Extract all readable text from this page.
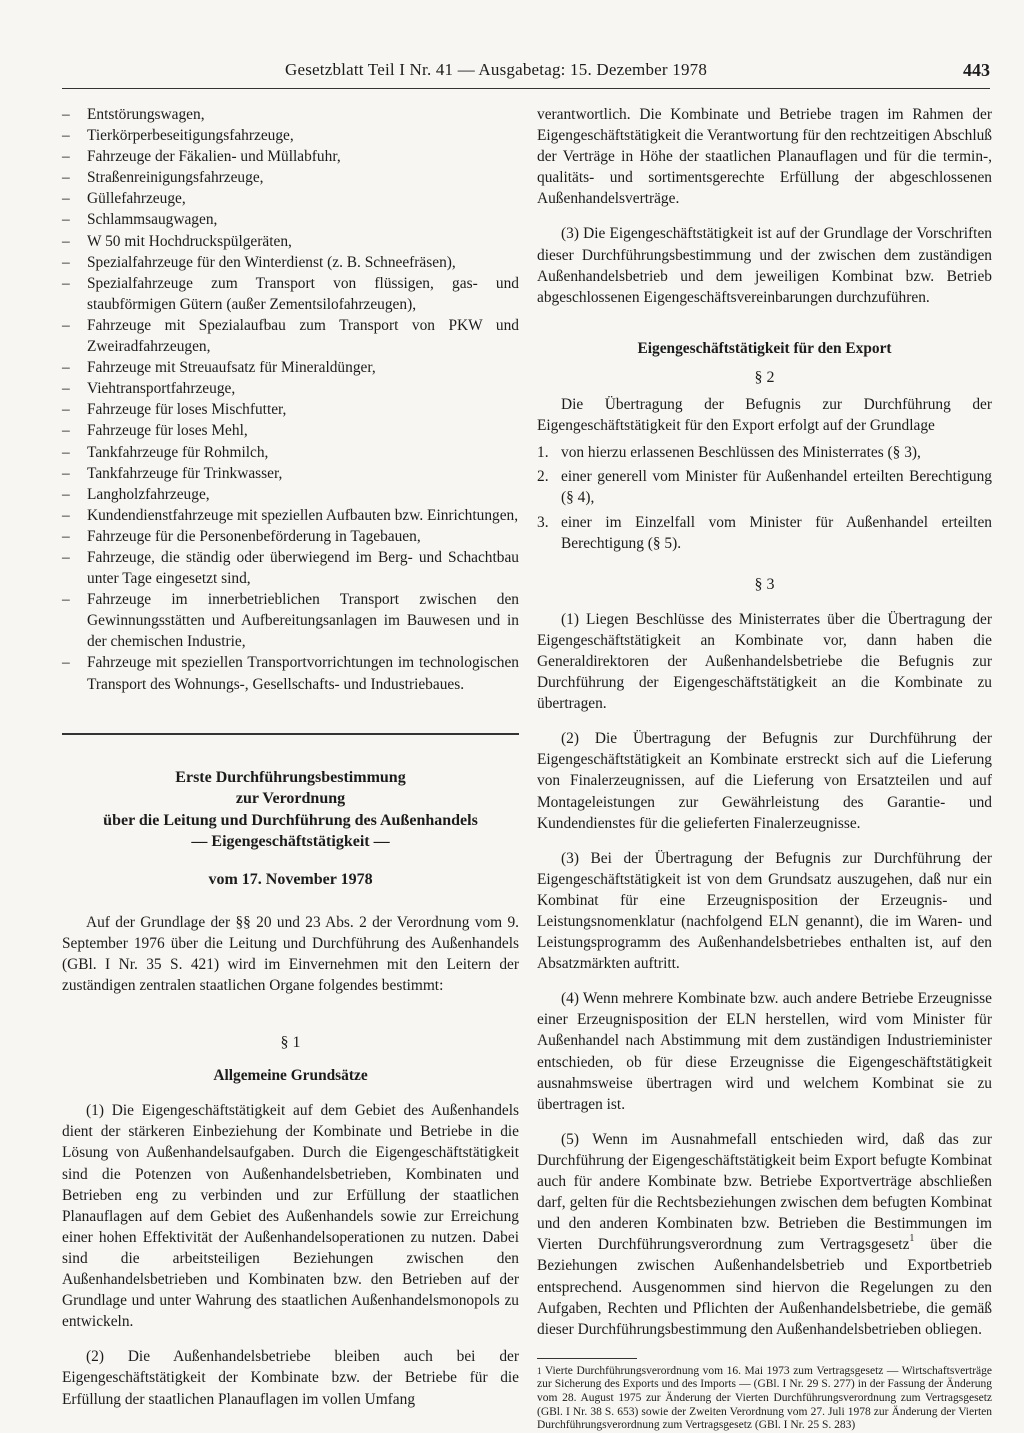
Gesetzblatt Teil I Nr. 41 — Ausgabetag: 15. Dezember 1978	443
– Entstörungswagen,
– Tierkörperbeseitigungsfahrzeuge,
– Fahrzeuge der Fäkalien- und Müllabfuhr,
– Straßenreinigungsfahrzeuge,
– Güllefahrzeuge,
– Schlammsaugwagen,
– W 50 mit Hochdruckspülgeräten,
– Spezialfahrzeuge für den Winterdienst (z. B. Schneefräsen),
– Spezialfahrzeuge zum Transport von flüssigen, gas- und staubförmigen Gütern (außer Zementsilofahrzeugen),
– Fahrzeuge mit Spezialaufbau zum Transport von PKW und Zweiradfahrzeugen,
– Fahrzeuge mit Streuaufsatz für Mineraldünger,
– Viehtransportfahrzeuge,
– Fahrzeuge für loses Mischfutter,
– Fahrzeuge für loses Mehl,
– Tankfahrzeuge für Rohmilch,
– Tankfahrzeuge für Trinkwasser,
– Langholzfahrzeuge,
– Kundendienstfahrzeuge mit speziellen Aufbauten bzw. Einrichtungen,
– Fahrzeuge für die Personenbeförderung in Tagebauen,
– Fahrzeuge, die ständig oder überwiegend im Berg- und Schachtbau unter Tage eingesetzt sind,
– Fahrzeuge im innerbetrieblichen Transport zwischen den Gewinnungsstätten und Aufbereitungsanlagen im Bauwesen und in der chemischen Industrie,
– Fahrzeuge mit speziellen Transportvorrichtungen im technologischen Transport des Wohnungs-, Gesellschafts- und Industriebaues.
Erste Durchführungsbestimmung
zur Verordnung
über die Leitung und Durchführung des Außenhandels
— Eigengeschäftstätigkeit —
vom 17. November 1978

Auf der Grundlage der §§ 20 und 23 Abs. 2 der Verordnung vom 9. September 1976 über die Leitung und Durchführung des Außenhandels (GBl. I Nr. 35 S. 421) wird im Einvernehmen mit den Leitern der zuständigen zentralen staatlichen Organe folgendes bestimmt:

§ 1
Allgemeine Grundsätze

(1) Die Eigengeschäftstätigkeit auf dem Gebiet des Außenhandels dient der stärkeren Einbeziehung der Kombinate und Betriebe in die Lösung von Außenhandelsaufgaben. Durch die Eigengeschäftstätigkeit sind die Potenzen von Außenhandelsbetrieben, Kombinaten und Betrieben eng zu verbinden und zur Erfüllung der staatlichen Planauflagen auf dem Gebiet des Außenhandels sowie zur Erreichung einer hohen Effektivität der Außenhandelsoperationen zu nutzen. Dabei sind die arbeitsteiligen Beziehungen zwischen den Außenhandelsbetrieben und Kombinaten bzw. den Betrieben auf der Grundlage und unter Wahrung des staatlichen Außenhandelsmonopols zu entwickeln.

(2) Die Außenhandelsbetriebe bleiben auch bei der Eigengeschäftstätigkeit der Kombinate bzw. der Betriebe für die Erfüllung der staatlichen Planauflagen im vollen Umfang

verantwortlich. Die Kombinate und Betriebe tragen im Rahmen der Eigengeschäftstätigkeit die Verantwortung für den rechtzeitigen Abschluß der Verträge in Höhe der staatlichen Planauflagen und für die termin-, qualitäts- und sortimentsgerechte Erfüllung der abgeschlossenen Außenhandelsverträge.

(3) Die Eigengeschäftstätigkeit ist auf der Grundlage der Vorschriften dieser Durchführungsbestimmung und der zwischen dem zuständigen Außenhandelsbetrieb und dem jeweiligen Kombinat bzw. Betrieb abgeschlossenen Eigengeschäftsvereinbarungen durchzuführen.

Eigengeschäftstätigkeit für den Export
§ 2

Die Übertragung der Befugnis zur Durchführung der Eigengeschäftstätigkeit für den Export erfolgt auf der Grundlage

1. von hierzu erlassenen Beschlüssen des Ministerrates (§ 3),
2. einer generell vom Minister für Außenhandel erteilten Berechtigung (§ 4),
3. einer im Einzelfall vom Minister für Außenhandel erteilten Berechtigung (§ 5).
§ 3

(1) Liegen Beschlüsse des Ministerrates über die Übertragung der Eigengeschäftstätigkeit an Kombinate vor, dann haben die Generaldirektoren der Außenhandelsbetriebe die Befugnis zur Durchführung der Eigengeschäftstätigkeit an die Kombinate zu übertragen.

(2) Die Übertragung der Befugnis zur Durchführung der Eigengeschäftstätigkeit an Kombinate erstreckt sich auf die Lieferung von Finalerzeugnissen, auf die Lieferung von Ersatzteilen und auf Montageleistungen zur Gewährleistung des Garantie- und Kundendienstes für die gelieferten Finalerzeugnisse.

(3) Bei der Übertragung der Befugnis zur Durchführung der Eigengeschäftstätigkeit ist von dem Grundsatz auszugehen, daß nur ein Kombinat für eine Erzeugnisposition der Erzeugnis- und Leistungsnomenklatur (nachfolgend ELN genannt), die im Waren- und Leistungsprogramm des Außenhandelsbetriebes enthalten ist, auf den Absatzmärkten auftritt.

(4) Wenn mehrere Kombinate bzw. auch andere Betriebe Erzeugnisse einer Erzeugnisposition der ELN herstellen, wird vom Minister für Außenhandel nach Abstimmung mit dem zuständigen Industrieminister entschieden, ob für diese Erzeugnisse die Eigengeschäftstätigkeit ausnahmsweise übertragen wird und welchem Kombinat sie zu übertragen ist.

(5) Wenn im Ausnahmefall entschieden wird, daß das zur Durchführung der Eigengeschäftstätigkeit beim Export befugte Kombinat auch für andere Kombinate bzw. Betriebe Exportverträge abschließen darf, gelten für die Rechtsbeziehungen zwischen dem befugten Kombinat und den anderen Kombinaten bzw. Betrieben die Bestimmungen im Vierten Durchführungsverordnung zum Vertragsgesetz$^1$ über die Beziehungen zwischen Außenhandelsbetrieb und Exportbetrieb entsprechend. Ausgenommen sind hiervon die Regelungen zu den Aufgaben, Rechten und Pflichten der Außenhandelsbetriebe, die gemäß dieser Durchführungsbestimmung den Außenhandelsbetrieben obliegen.

$^1$ Vierte Durchführungsverordnung vom 16. Mai 1973 zum Vertragsgesetz — Wirtschaftsverträge zur Sicherung des Exports und des Imports — (GBl. I Nr. 29 S. 277) in der Fassung der Änderung vom 28. August 1975 zur Änderung der Vierten Durchführungsverordnung zum Vertragsgesetz (GBl. I Nr. 38 S. 653) sowie der Zweiten Verordnung vom 27. Juli 1978 zur Änderung der Vierten Durchführungsverordnung zum Vertragsgesetz (GBl. I Nr. 25 S. 283)
